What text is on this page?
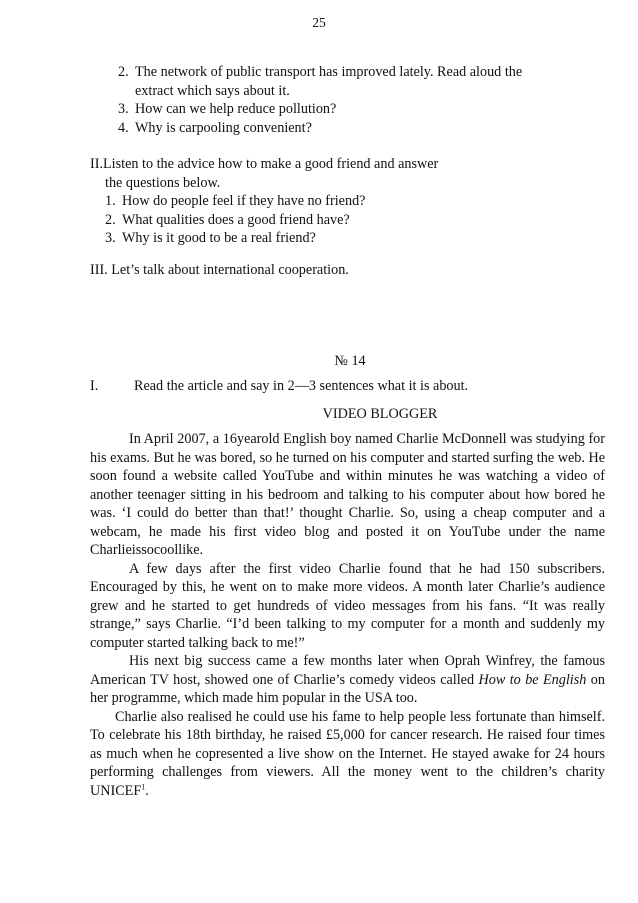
25
2. The network of public transport has improved lately. Read aloud the
extract which says about it.
3. How can we help reduce pollution?
4. Why is carpooling convenient?
II.Listen to the advice how to make a good friend and answer
the questions below.
1. How do people feel if they have no friend?
2. What qualities does a good friend have?
3. Why is it good to be a real friend?
III. Let’s talk about international cooperation.
№ 14
I.	Read the article and say in 2—3 sentences what it is about.
VIDEO BLOGGER

In April 2007, a 16yearold English boy named Charlie McDonnell was studying for his exams. But he was bored, so he turned on his computer and started surfing the web. He soon found a website called YouTube and within minutes he was watching a video of another teenager sitting in his bedroom and talking to his computer about how bored he was. ‘I could do better than that!’ thought Charlie. So, using a cheap computer and a webcam, he made his first video blog and posted it on YouTube under the name Charlieissocoollike.

A few days after the first video Charlie found that he had 150 subscribers. Encouraged by this, he went on to make more videos. A month later Charlie’s audience grew and he started to get hundreds of video messages from his fans. “It was really strange,” says Charlie. “I’d been talking to my computer for a month and suddenly my computer started talking back to me!”

His next big success came a few months later when Oprah Winfrey, the famous American TV host, showed one of Charlie’s comedy videos called How to be English on her programme, which made him popular in the USA too.

Charlie also realised he could use his fame to help people less fortunate than himself. To celebrate his 18th birthday, he raised £5,000 for cancer research. He raised four times as much when he copresented a live show on the Internet. He stayed awake for 24 hours performing challenges from viewers. All the money went to the children’s charity UNICEF$^1$.
